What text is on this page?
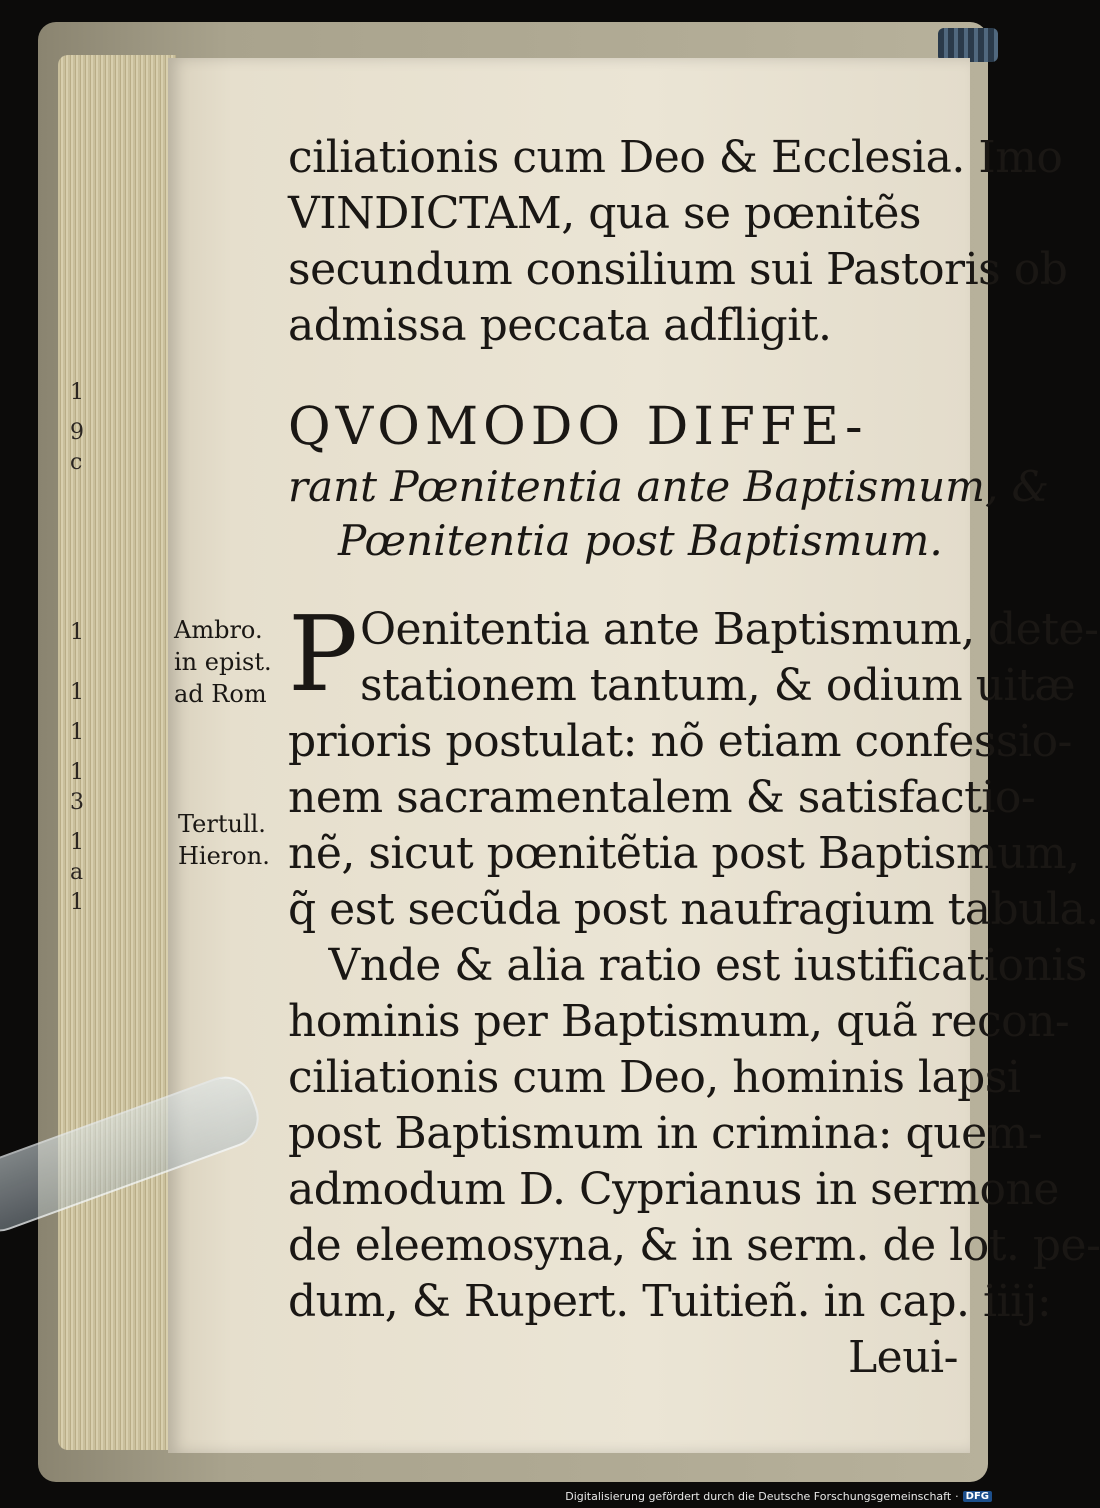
1
9
c
1
1
1
1
3
1
a
1
ciliationis cum Deo & Ecclesia. Imo
VINDICTAM, qua se pœnitẽs
secundum consilium sui Pastoris ob
admissa peccata adfligit.
QVOMODO DIFFE-
rant Pœnitentia ante Baptismum, &
Pœnitentia post Baptismum.
P Oenitentia ante Baptismum, dete-
stationem tantum, & odium uitæ
prioris postulat: nõ etiam confessio-
nem sacramentalem & satisfactio-
nẽ, sicut pœnitẽtia post Baptismum,
q̃ est secũda post naufragium tabula.
Vnde & alia ratio est iustificationis
hominis per Baptismum, quã recon-
ciliationis cum Deo, hominis lapsi
post Baptismum in crimina: quem-
admodum D. Cyprianus in sermone
de eleemosyna, & in serm. de lot. pe-
dum, & Rupert. Tuitieñ. in cap. iiij:
Leui-
Ambro.
in epist.
ad Rom
Tertull.
Hieron.
Digitalisierung gefördert durch die Deutsche Forschungsgemeinschaft · DFG
